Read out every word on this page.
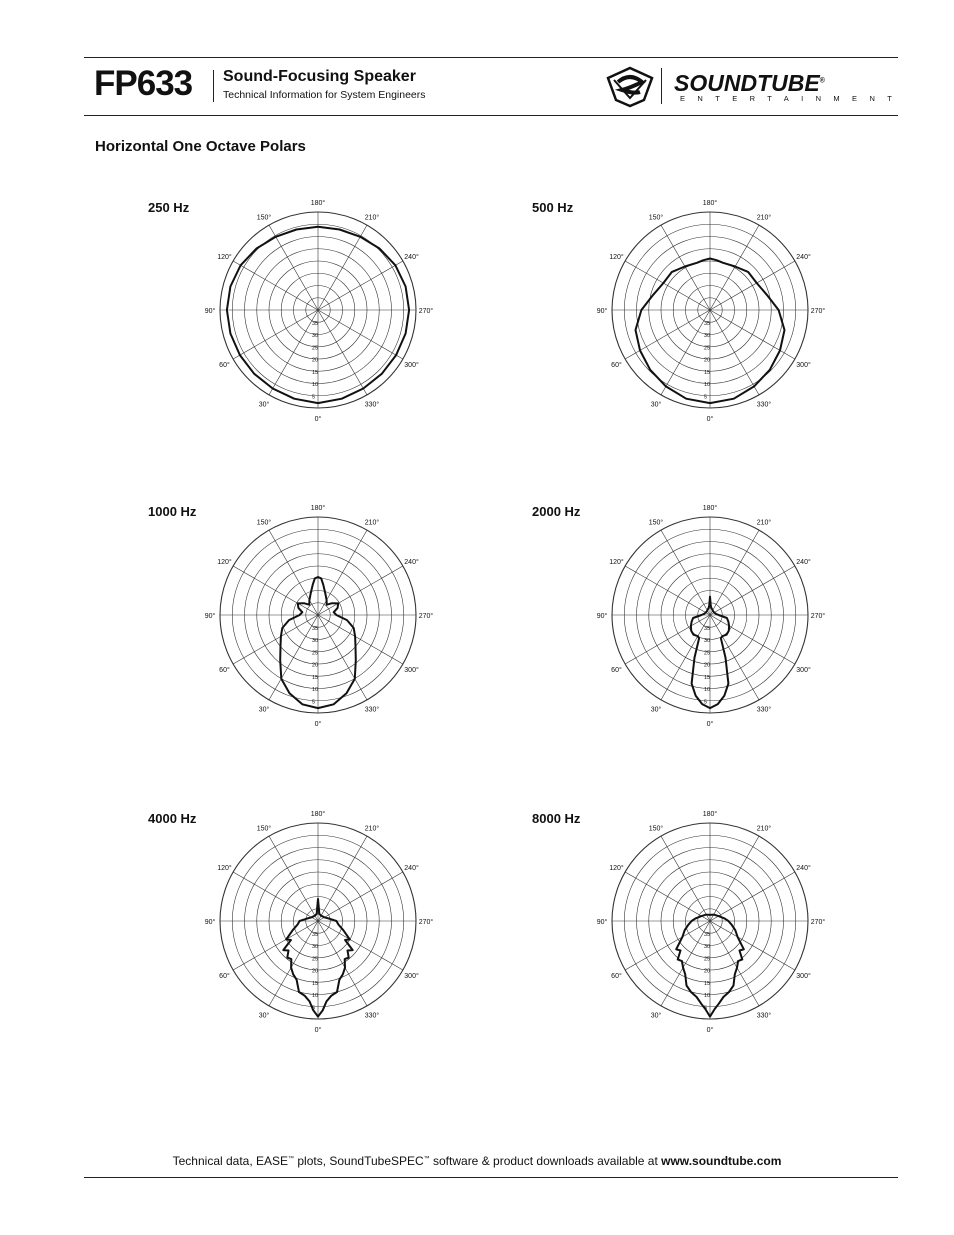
FP633 Sound-Focusing Speaker
Technical Information for System Engineers	SOUNDTUBE®
ENTERTAINMENT
Horizontal One Octave Polars
250 Hz	500 Hz
1000 Hz	2000 Hz
4000 Hz	8000 Hz
0°
30°
60°
90°
120°
150°
180°
210°
240°
270°
300°
330°
5
10
15
20
25
30
35
0°
30°
60°
90°
120°
150°
180°
210°
240°
270°
300°
330°
5
10
15
20
25
30
35
0°
30°
60°
90°
120°
150°
180°
210°
240°
270°
300°
330°
5
10
15
20
25
30
35
0°
30°
60°
90°
120°
150°
180°
210°
240°
270°
300°
330°
5
10
15
20
25
30
35
0°
30°
60°
90°
120°
150°
180°
210°
240°
270°
300°
330°
5
10
15
20
25
30
35
0°
30°
60°
90°
120°
150°
180°
210°
240°
270°
300°
330°
5
10
15
20
25
30
35
Technical data, EASE™ plots, SoundTubeSPEC™ software & product downloads available at www.soundtube.com
